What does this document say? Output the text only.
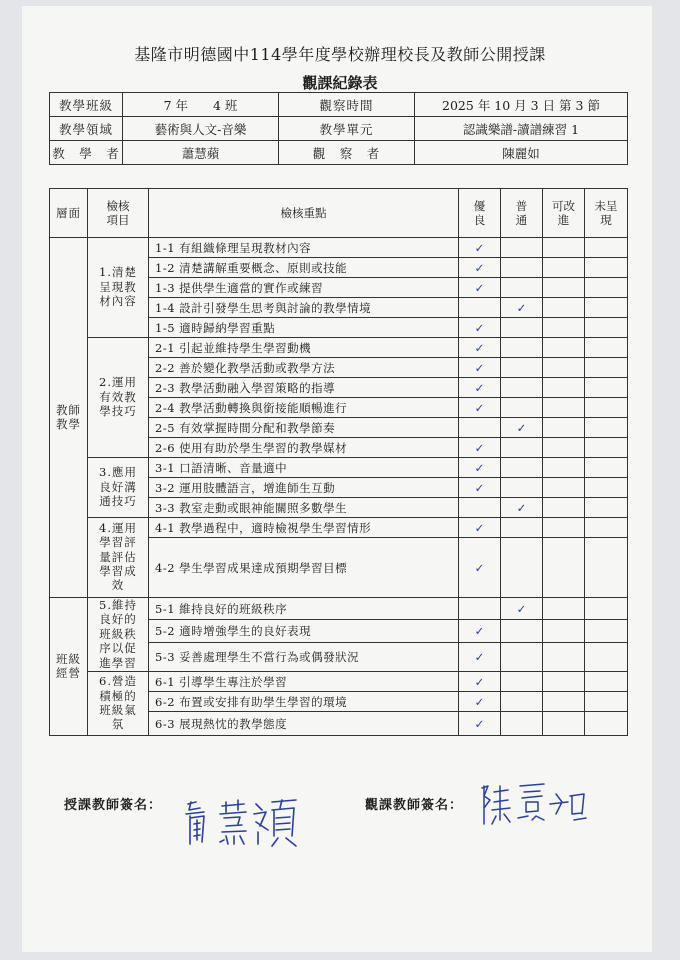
基隆市明德國中114學年度學校辦理校長及教師公開授課
觀課紀錄表
教學班級	7 年　　4 班	觀察時間	2025 年 10 月 3 日 第 3 節
教學領域	藝術與人文-音樂	教學單元	認識樂譜-讀譜練習 1
教　學　者	蕭慧蘋	觀　察　者	陳麗如
層面	檢核項目	檢核重點	優良	普通	可改進	未呈現
教師教學	1.清楚呈現教材內容	1-1 有組織條理呈現教材內容	✓			
		1-2 清楚講解重要概念、原則或技能	✓			
		1-3 提供學生適當的實作或練習	✓			
		1-4 設計引發學生思考與討論的教學情境		✓		
		1-5 適時歸納學習重點	✓			
	2.運用有效教學技巧	2-1 引起並維持學生學習動機	✓			
		2-2 善於變化教學活動或教學方法	✓			
		2-3 教學活動融入學習策略的指導	✓			
		2-4 教學活動轉換與銜接能順暢進行	✓			
		2-5 有效掌握時間分配和教學節奏		✓		
		2-6 使用有助於學生學習的教學媒材	✓			
	3.應用良好溝通技巧	3-1 口語清晰、音量適中	✓			
		3-2 運用肢體語言，增進師生互動	✓			
		3-3 教室走動或眼神能關照多數學生		✓		
	4.運用學習評量評估學習成效	4-1 教學過程中，適時檢視學生學習情形	✓			
		4-2 學生學習成果達成預期學習目標	✓			
班級經營	5.維持良好的班級秩序以促進學習	5-1 維持良好的班級秩序		✓		
		5-2 適時增強學生的良好表現	✓			
		5-3 妥善處理學生不當行為或偶發狀況	✓			
	6.營造積極的班級氣氛	6-1 引導學生專注於學習	✓			
		6-2 布置或安排有助學生學習的環境	✓			
		6-3 展現熱忱的教學態度	✓			
授課教師簽名：	觀課教師簽名：
